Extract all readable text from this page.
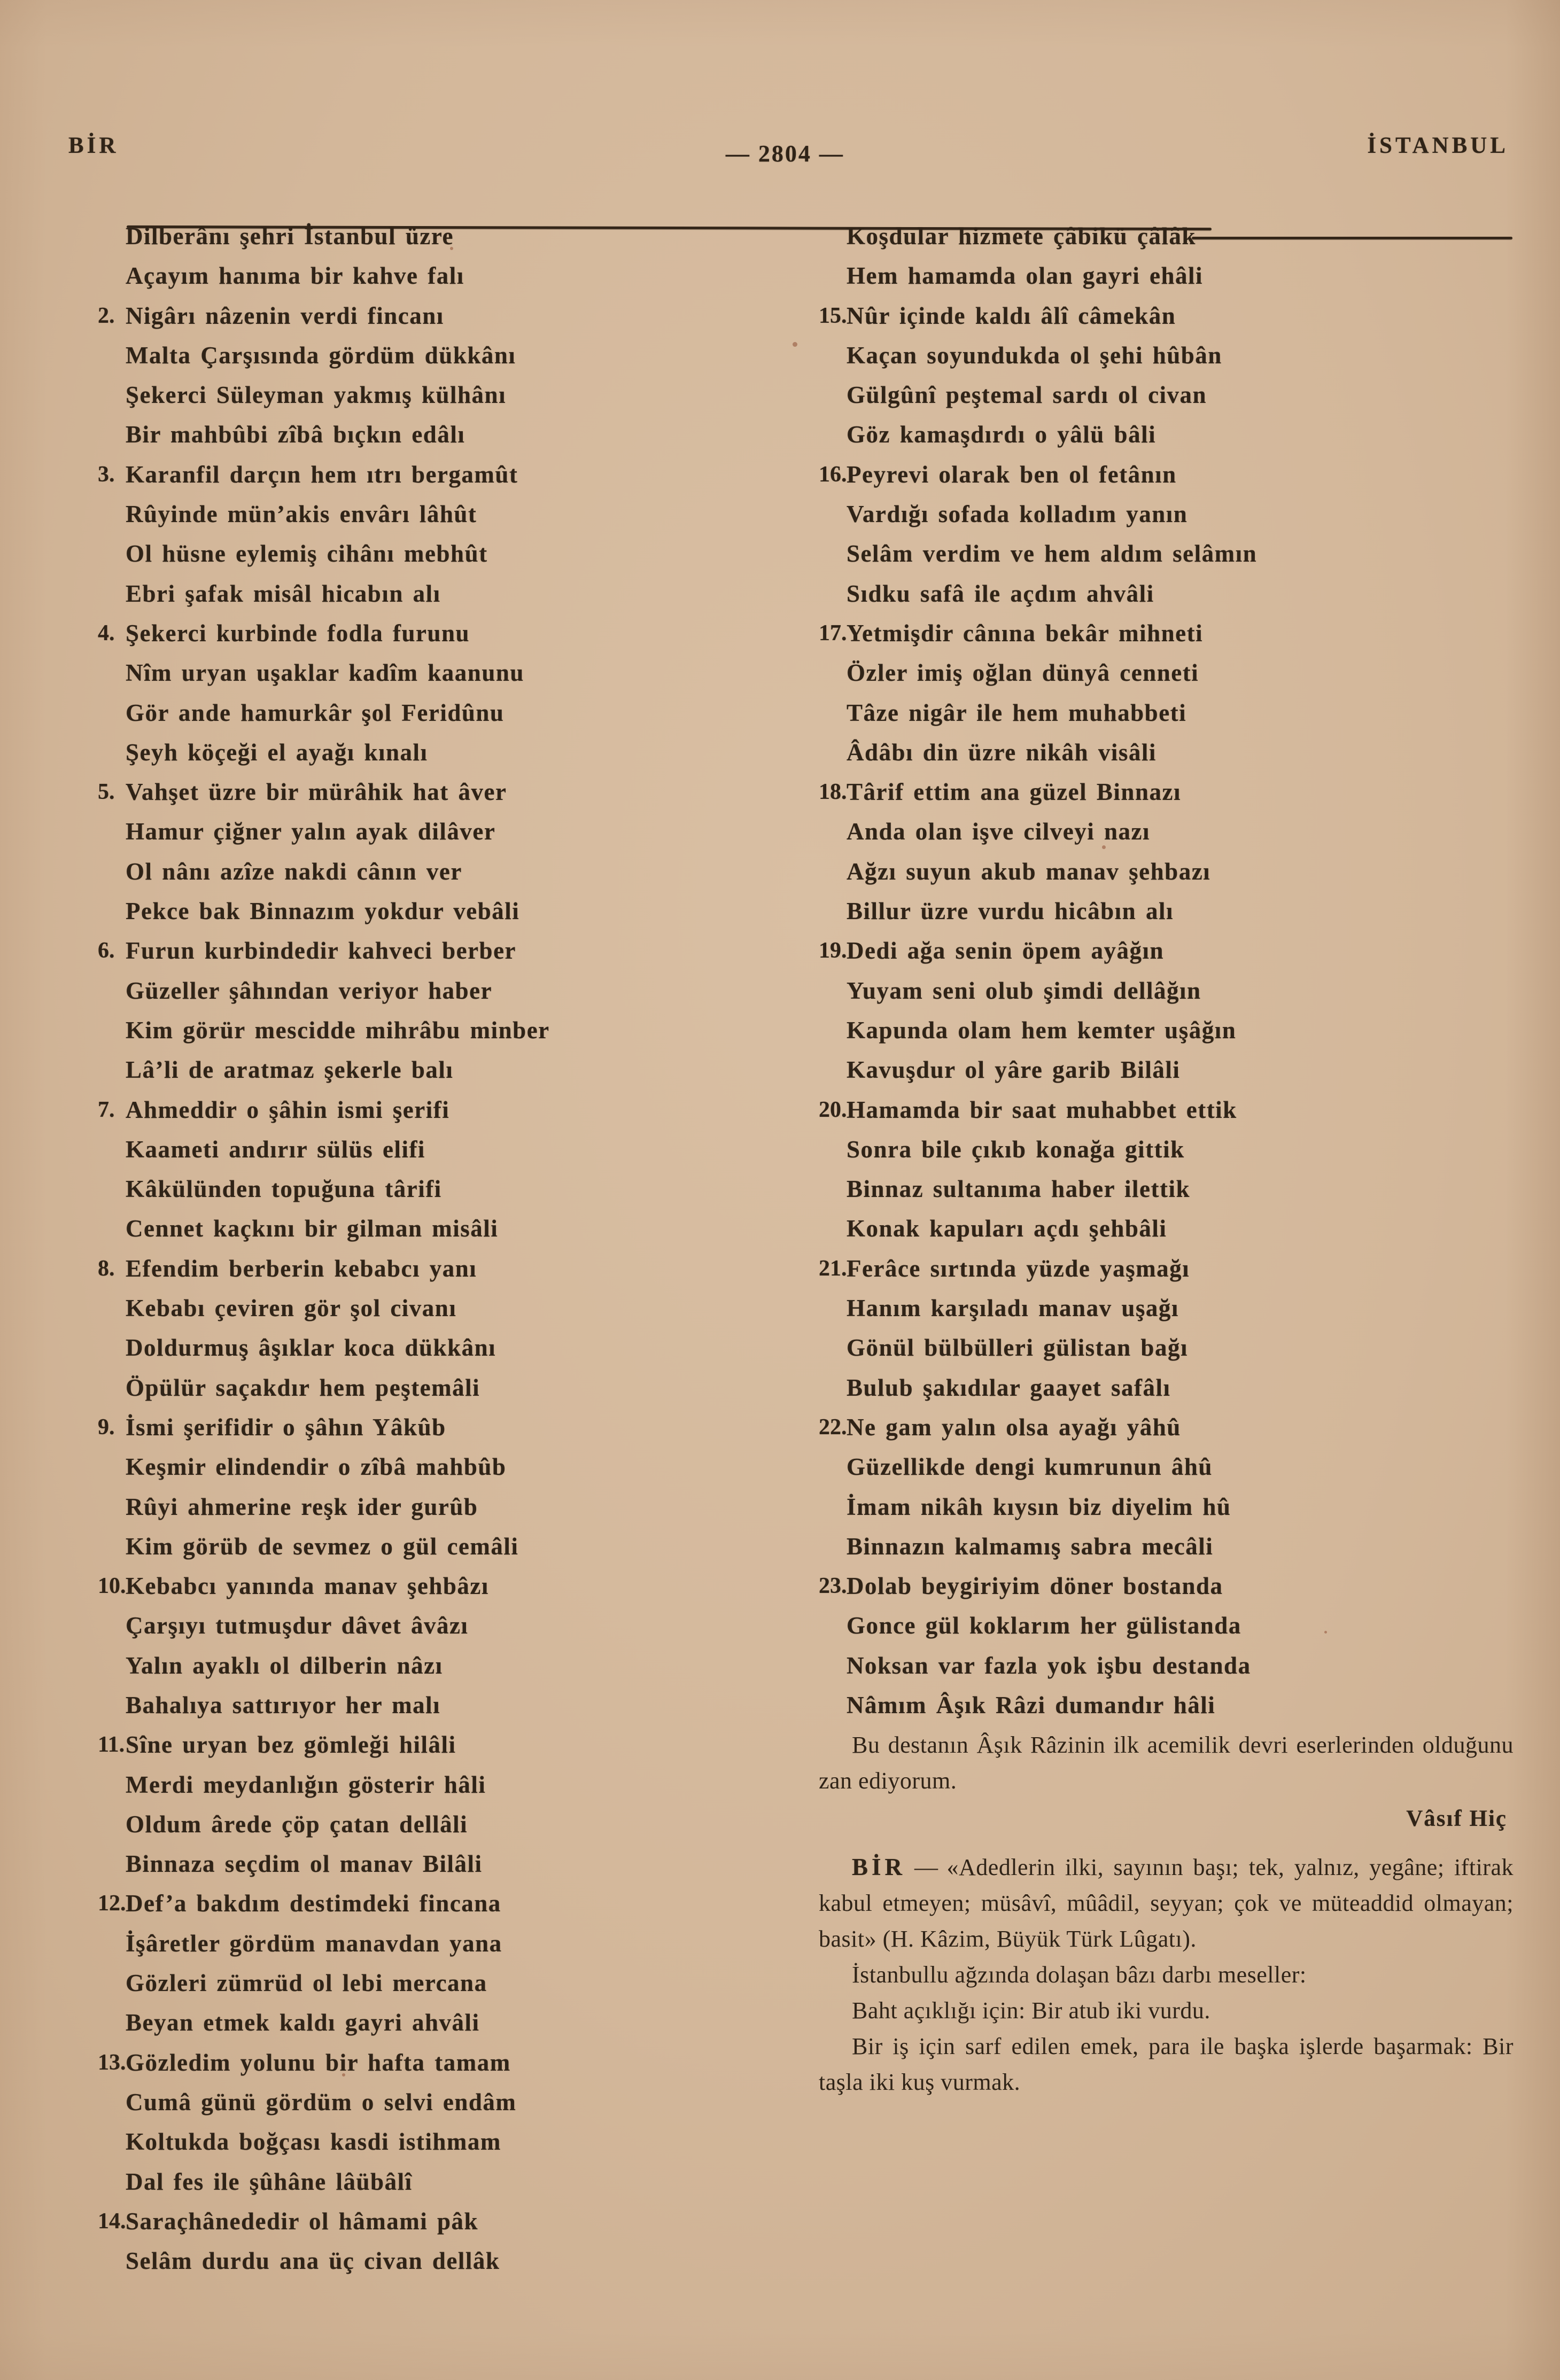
BİR	— 2804 —	İSTANBUL
Dilberânı şehri İstanbul üzre
Açayım hanıma bir kahve falı
2. Nigârı nâzenin verdi fincanı
Malta Çarşısında gördüm dükkânı
Şekerci Süleyman yakmış külhânı
Bir mahbûbi zîbâ bıçkın edâlı
3. Karanfil darçın hem ıtrı bergamût
Rûyinde mün’akis envârı lâhût
Ol hüsne eylemiş cihânı mebhût
Ebri şafak misâl hicabın alı
4. Şekerci kurbinde fodla furunu
Nîm uryan uşaklar kadîm kaanunu
Gör ande hamurkâr şol Feridûnu
Şeyh köçeği el ayağı kınalı
5. Vahşet üzre bir mürâhik hat âver
Hamur çiğner yalın ayak dilâver
Ol nânı azîze nakdi cânın ver
Pekce bak Binnazım yokdur vebâli
6. Furun kurbindedir kahveci berber
Güzeller şâhından veriyor haber
Kim görür mescidde mihrâbu minber
Lâ’li de aratmaz şekerle balı
7. Ahmeddir o şâhin ismi şerifi
Kaameti andırır sülüs elifi
Kâkülünden topuğuna târifi
Cennet kaçkını bir gilman misâli
8. Efendim berberin kebabcı yanı
Kebabı çeviren gör şol civanı
Doldurmuş âşıklar koca dükkânı
Öpülür saçakdır hem peştemâli
9. İsmi şerifidir o şâhın Yâkûb
Keşmir elindendir o zîbâ mahbûb
Rûyi ahmerine reşk ider gurûb
Kim görüb de sevmez o gül cemâli
10. Kebabcı yanında manav şehbâzı
Çarşıyı tutmuşdur dâvet âvâzı
Yalın ayaklı ol dilberin nâzı
Bahalıya sattırıyor her malı
11. Sîne uryan bez gömleği hilâli
Merdi meydanlığın gösterir hâli
Oldum ârede çöp çatan dellâli
Binnaza seçdim ol manav Bilâli
12. Def’a bakdım destimdeki fincana
İşâretler gördüm manavdan yana
Gözleri zümrüd ol lebi mercana
Beyan etmek kaldı gayri ahvâli
13. Gözledim yolunu bir hafta tamam
Cumâ günü gördüm o selvi endâm
Koltukda boğçası kasdi istihmam
Dal fes ile şûhâne lâübâlî
14. Saraçhânededir ol hâmami pâk
Selâm durdu ana üç civan dellâk
Koşdular hizmete çâbikü çâlâk
Hem hamamda olan gayri ehâli
15. Nûr içinde kaldı âlî câmekân
Kaçan soyundukda ol şehi hûbân
Gülgûnî peştemal sardı ol civan
Göz kamaşdırdı o yâlü bâli
16. Peyrevi olarak ben ol fetânın
Vardığı sofada kolladım yanın
Selâm verdim ve hem aldım selâmın
Sıdku safâ ile açdım ahvâli
17. Yetmişdir cânına bekâr mihneti
Özler imiş oğlan dünyâ cenneti
Tâze nigâr ile hem muhabbeti
Âdâbı din üzre nikâh visâli
18. Târif ettim ana güzel Binnazı
Anda olan işve cilveyi nazı
Ağzı suyun akub manav şehbazı
Billur üzre vurdu hicâbın alı
19. Dedi ağa senin öpem ayâğın
Yuyam seni olub şimdi dellâğın
Kapunda olam hem kemter uşâğın
Kavuşdur ol yâre garib Bilâli
20. Hamamda bir saat muhabbet ettik
Sonra bile çıkıb konağa gittik
Binnaz sultanıma haber ilettik
Konak kapuları açdı şehbâli
21. Ferâce sırtında yüzde yaşmağı
Hanım karşıladı manav uşağı
Gönül bülbülleri gülistan bağı
Bulub şakıdılar gaayet safâlı
22. Ne gam yalın olsa ayağı yâhû
Güzellikde dengi kumrunun âhû
İmam nikâh kıysın biz diyelim hû
Binnazın kalmamış sabra mecâli
23. Dolab beygiriyim döner bostanda
Gonce gül koklarım her gülistanda
Noksan var fazla yok işbu destanda
Nâmım Âşık Râzi dumandır hâli

Bu destanın Âşık Râzinin ilk acemilik devri eserlerinden olduğunu zan ediyorum.

Vâsıf Hiç

BİR — «Adedlerin ilki, sayının başı; tek, yalnız, yegâne; iftirak kabul etmeyen; müsâvî, mûâdil, seyyan; çok ve müteaddid olmayan; basit» (H. Kâzim, Büyük Türk Lûgatı).

İstanbullu ağzında dolaşan bâzı darbı meseller:

Baht açıklığı için: Bir atub iki vurdu.

Bir iş için sarf edilen emek, para ile başka işlerde başarmak: Bir taşla iki kuş vurmak.
